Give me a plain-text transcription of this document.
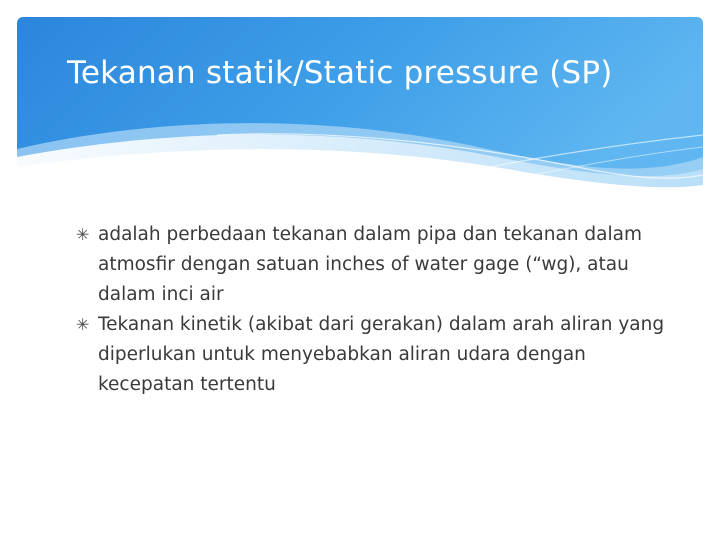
Tekanan statik/Static pressure (SP)
✳ adalah perbedaan tekanan dalam pipa dan tekanan dalam atmosfir dengan satuan inches of water gage (“wg), atau dalam inci air
✳ Tekanan kinetik (akibat dari gerakan) dalam arah aliran yang diperlukan untuk menyebabkan aliran udara dengan kecepatan tertentu
